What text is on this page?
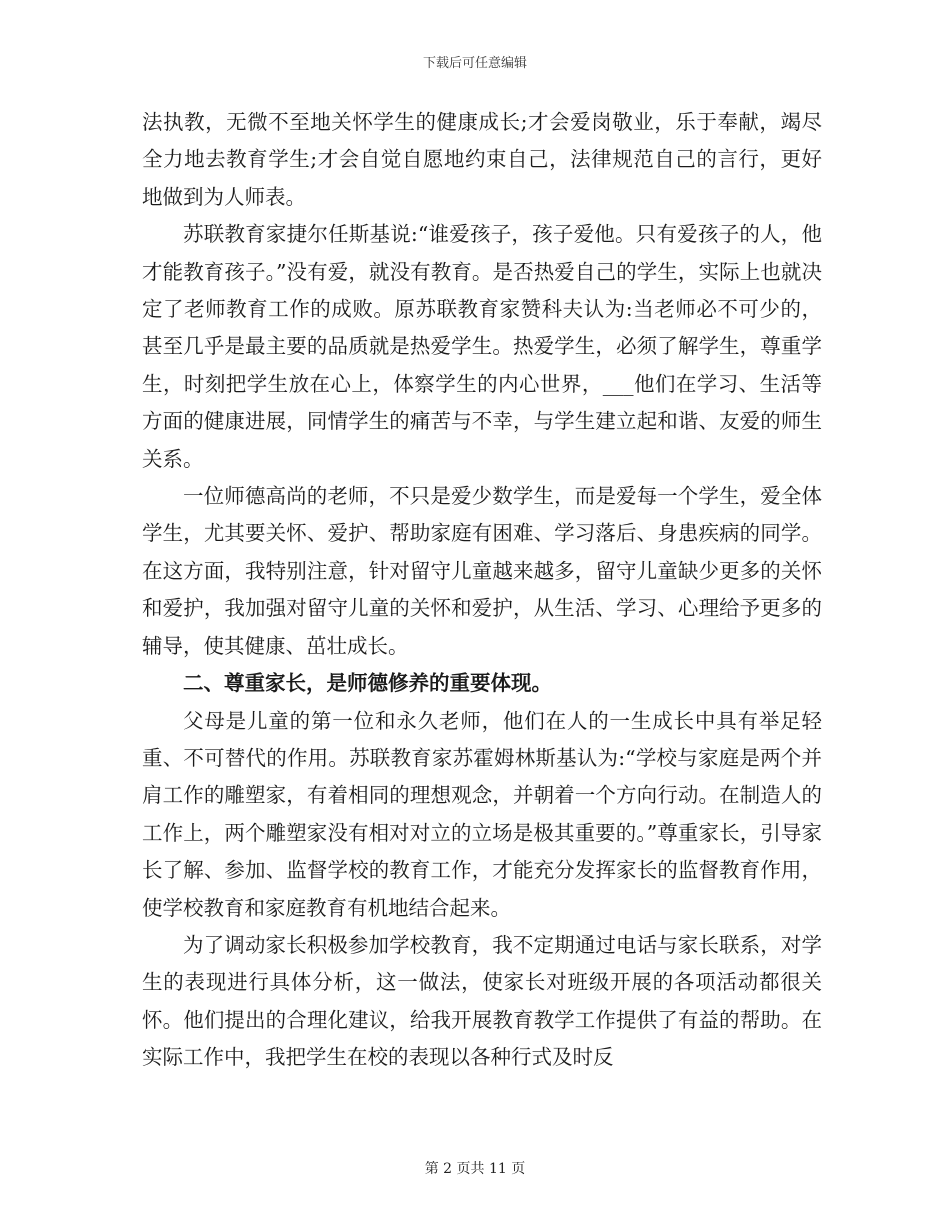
下载后可任意编辑

法执教，无微不至地关怀学生的健康成长;才会爱岗敬业，乐于奉献，竭尽全力地去教育学生;才会自觉自愿地约束自己，法律规范自己的言行，更好地做到为人师表。

苏联教育家捷尔任斯基说:“谁爱孩子，孩子爱他。只有爱孩子的人，他才能教育孩子。”没有爱，就没有教育。是否热爱自己的学生，实际上也就决定了老师教育工作的成败。原苏联教育家赞科夫认为:当老师必不可少的，甚至几乎是最主要的品质就是热爱学生。热爱学生，必须了解学生，尊重学生，时刻把学生放在心上，体察学生的内心世界，___他们在学习、生活等方面的健康进展，同情学生的痛苦与不幸，与学生建立起和谐、友爱的师生关系。

一位师德高尚的老师，不只是爱少数学生，而是爱每一个学生，爱全体学生，尤其要关怀、爱护、帮助家庭有困难、学习落后、身患疾病的同学。在这方面，我特别注意，针对留守儿童越来越多，留守儿童缺少更多的关怀和爱护，我加强对留守儿童的关怀和爱护，从生活、学习、心理给予更多的辅导，使其健康、茁壮成长。

二、尊重家长，是师德修养的重要体现。

父母是儿童的第一位和永久老师，他们在人的一生成长中具有举足轻重、不可替代的作用。苏联教育家苏霍姆林斯基认为:“学校与家庭是两个并肩工作的雕塑家，有着相同的理想观念，并朝着一个方向行动。在制造人的工作上，两个雕塑家没有相对对立的立场是极其重要的。”尊重家长，引导家长了解、参加、监督学校的教育工作，才能充分发挥家长的监督教育作用，使学校教育和家庭教育有机地结合起来。

为了调动家长积极参加学校教育，我不定期通过电话与家长联系，对学生的表现进行具体分析，这一做法，使家长对班级开展的各项活动都很关怀。他们提出的合理化建议，给我开展教育教学工作提供了有益的帮助。在实际工作中，我把学生在校的表现以各种行式及时反

第 2 页共 11 页
